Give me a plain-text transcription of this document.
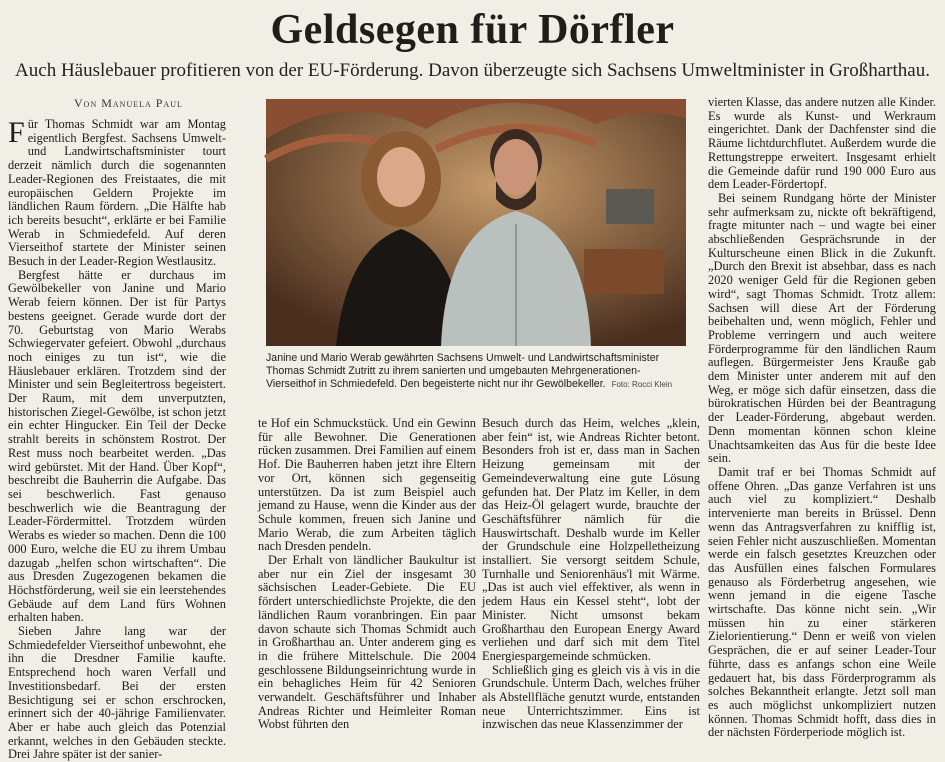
Geldsegen für Dörfler
Auch Häuslebauer profitieren von der EU-Förderung. Davon überzeugte sich Sachsens Umweltminister in Großharthau.
Von Manuela Paul

Für Thomas Schmidt war am Montag eigentlich Bergfest. Sachsens Umwelt- und Landwirtschaftsminister tourt derzeit nämlich durch die sogenannten Leader-Regionen des Freistaates, die mit europäischen Geldern Projekte im ländlichen Raum fördern. „Die Hälfte hab ich bereits besucht“, erklärte er bei Familie Werab in Schmiedefeld. Auf deren Vierseithof startete der Minister seinen Besuch in der Leader-Region Westlausitz.

Bergfest hätte er durchaus im Gewölbekeller von Janine und Mario Werab feiern können. Der ist für Partys bestens geeignet. Gerade wurde dort der 70. Geburtstag von Mario Werabs Schwiegervater gefeiert. Obwohl „durchaus noch einiges zu tun ist“, wie die Häuslebauer erklären. Trotzdem sind der Minister und sein Begleitertross begeistert. Der Raum, mit dem unverputzten, historischen Ziegel-Gewölbe, ist schon jetzt ein echter Hingucker. Ein Teil der Decke strahlt bereits in schönstem Rostrot. Der Rest muss noch bearbeitet werden. „Das wird gebürstet. Mit der Hand. Über Kopf“, beschreibt die Bauherrin die Aufgabe. Das sei beschwerlich. Fast genauso beschwerlich wie die Beantragung der Leader-Fördermittel. Trotzdem würden Werabs es wieder so machen. Denn die 100 000 Euro, welche die EU zu ihrem Umbau dazugab „helfen schon wirtschaften“. Die aus Dresden Zugezogenen bekamen die Höchstförderung, weil sie ein leerstehendes Gebäude auf dem Land fürs Wohnen erhalten haben.

Sieben Jahre lang war der Schmiedefelder Vierseithof unbewohnt, ehe ihn die Dresdner Familie kaufte. Entsprechend hoch waren Verfall und Investitionsbedarf. Bei der ersten Besichtigung sei er schon erschrocken, erinnert sich der 40-jährige Familienvater. Aber er habe auch gleich das Potenzial erkannt, welches in den Gebäuden steckte. Drei Jahre später ist der sanier-

Janine und Mario Werab gewährten Sachsens Umwelt- und Landwirtschaftsminister Thomas Schmidt Zutritt zu ihrem sanierten und umgebauten Mehrgenerationen-Vierseithof in Schmiedefeld. Den begeisterte nicht nur ihr Gewölbekeller. Foto: Rocci Klein

te Hof ein Schmuckstück. Und ein Gewinn für alle Bewohner. Die Generationen rücken zusammen. Drei Familien auf einem Hof. Die Bauherren haben jetzt ihre Eltern vor Ort, können sich gegenseitig unterstützen. Da ist zum Beispiel auch jemand zu Hause, wenn die Kinder aus der Schule kommen, freuen sich Janine und Mario Werab, die zum Arbeiten täglich nach Dresden pendeln.

Der Erhalt von ländlicher Baukultur ist aber nur ein Ziel der insgesamt 30 sächsischen Leader-Gebiete. Die EU fördert unterschiedlichste Projekte, die den ländlichen Raum voranbringen. Ein paar davon schaute sich Thomas Schmidt auch in Großharthau an. Unter anderem ging es in die frühere Mittelschule. Die 2004 geschlossene Bildungseinrichtung wurde in ein behagliches Heim für 42 Senioren verwandelt. Geschäftsführer und Inhaber Andreas Richter und Heimleiter Roman Wobst führten den

Besuch durch das Heim, welches „klein, aber fein“ ist, wie Andreas Richter betont. Besonders froh ist er, dass man in Sachen Heizung gemeinsam mit der Gemeindeverwaltung eine gute Lösung gefunden hat. Der Platz im Keller, in dem das Heiz-Öl gelagert wurde, brauchte der Geschäftsführer nämlich für die Hauswirtschaft. Deshalb wurde im Keller der Grundschule eine Holzpelletheizung installiert. Sie versorgt seitdem Schule, Turnhalle und Seniorenhäus'l mit Wärme. „Das ist auch viel effektiver, als wenn in jedem Haus ein Kessel steht“, lobt der Minister. Nicht umsonst bekam Großharthau den European Energy Award verliehen und darf sich mit dem Titel Energiespargemeinde schmücken.

Schließlich ging es gleich vis à vis in die Grundschule. Unterm Dach, welches früher als Abstellfläche genutzt wurde, entstanden neue Unterrichtszimmer. Eins ist inzwischen das neue Klassenzimmer der

vierten Klasse, das andere nutzen alle Kinder. Es wurde als Kunst- und Werkraum eingerichtet. Dank der Dachfenster sind die Räume lichtdurchflutet. Außerdem wurde die Rettungstreppe erweitert. Insgesamt erhielt die Gemeinde dafür rund 190 000 Euro aus dem Leader-Fördertopf.

Bei seinem Rundgang hörte der Minister sehr aufmerksam zu, nickte oft bekräftigend, fragte mitunter nach – und wagte bei einer abschließenden Gesprächsrunde in der Kulturscheune einen Blick in die Zukunft. „Durch den Brexit ist absehbar, dass es nach 2020 weniger Geld für die Regionen geben wird“, sagt Thomas Schmidt. Trotz allem: Sachsen will diese Art der Förderung beibehalten und, wenn möglich, Fehler und Probleme verringern und auch weitere Förderprogramme für den ländlichen Raum auflegen. Bürgermeister Jens Krauße gab dem Minister unter anderem mit auf den Weg, er möge sich dafür einsetzen, dass die bürokratischen Hürden bei der Beantragung der Leader-Förderung, abgebaut werden. Denn momentan können schon kleine Unachtsamkeiten das Aus für die beste Idee sein.

Damit traf er bei Thomas Schmidt auf offene Ohren. „Das ganze Verfahren ist uns auch viel zu kompliziert.“ Deshalb intervenierte man bereits in Brüssel. Denn wenn das Antragsverfahren zu knifflig ist, seien Fehler nicht auszuschließen. Momentan werde ein falsch gesetztes Kreuzchen oder das Ausfüllen eines falschen Formulares genauso als Förderbetrug angesehen, wie wenn jemand in die eigene Tasche wirtschafte. Das könne nicht sein. „Wir müssen hin zu einer stärkeren Zielorientierung.“ Denn er weiß von vielen Gesprächen, die er auf seiner Leader-Tour führte, dass es anfangs schon eine Weile gedauert hat, bis dass Förderprogramm als solches Bekanntheit erlangte. Jetzt soll man es auch möglichst unkompliziert nutzen können. Thomas Schmidt hofft, dass dies in der nächsten Förderperiode möglich ist.
